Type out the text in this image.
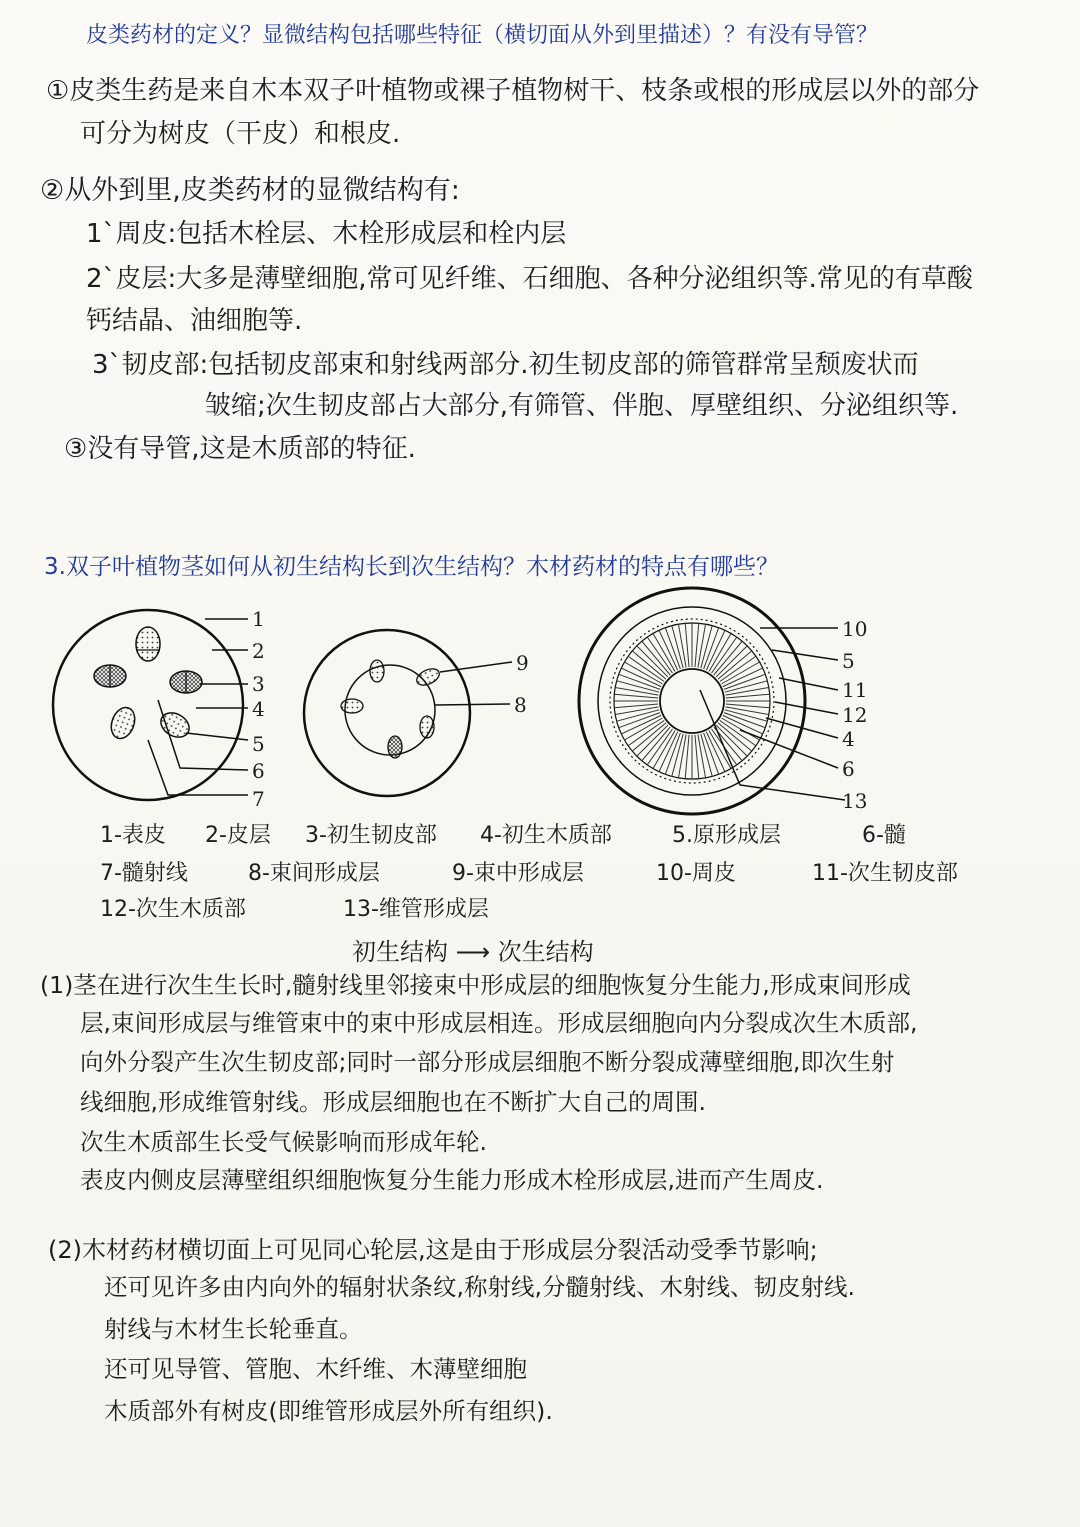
皮类药材的定义？显微结构包括哪些特征（横切面从外到里描述）？有没有导管？
①皮类生药是来自木本双子叶植物或裸子植物树干、枝条或根的形成层以外的部分
可分为树皮（干皮）和根皮.
②从外到里,皮类药材的显微结构有:
1ˋ周皮:包括木栓层、木栓形成层和栓内层
2ˋ皮层:大多是薄壁细胞,常可见纤维、石细胞、各种分泌组织等.常见的有草酸
钙结晶、油细胞等.
3ˋ韧皮部:包括韧皮部束和射线两部分.初生韧皮部的筛管群常呈颓废状而
皱缩;次生韧皮部占大部分,有筛管、伴胞、厚壁组织、分泌组织等.
③没有导管,这是木质部的特征.
3.双子叶植物茎如何从初生结构长到次生结构？木材药材的特点有哪些？
1
2
3
4
5
6
7
9
8
10
5
11
12
4
6
13
1-表皮 2-皮层 3-初生韧皮部 4-初生木质部	5.原形成层	6-髓
7-髓射线	8-束间形成层	9-束中形成层	10-周皮	11-次生韧皮部
12-次生木质部	13-维管形成层
初生结构 ⟶ 次生结构
(1)茎在进行次生生长时,髓射线里邻接束中形成层的细胞恢复分生能力,形成束间形成
层,束间形成层与维管束中的束中形成层相连。形成层细胞向内分裂成次生木质部,
向外分裂产生次生韧皮部;同时一部分形成层细胞不断分裂成薄壁细胞,即次生射
线细胞,形成维管射线。形成层细胞也在不断扩大自己的周围.
次生木质部生长受气候影响而形成年轮.
表皮内侧皮层薄壁组织细胞恢复分生能力形成木栓形成层,进而产生周皮.
(2)木材药材横切面上可见同心轮层,这是由于形成层分裂活动受季节影响;
还可见许多由内向外的辐射状条纹,称射线,分髓射线、木射线、韧皮射线.
射线与木材生长轮垂直。
还可见导管、管胞、木纤维、木薄壁细胞
木质部外有树皮(即维管形成层外所有组织).
